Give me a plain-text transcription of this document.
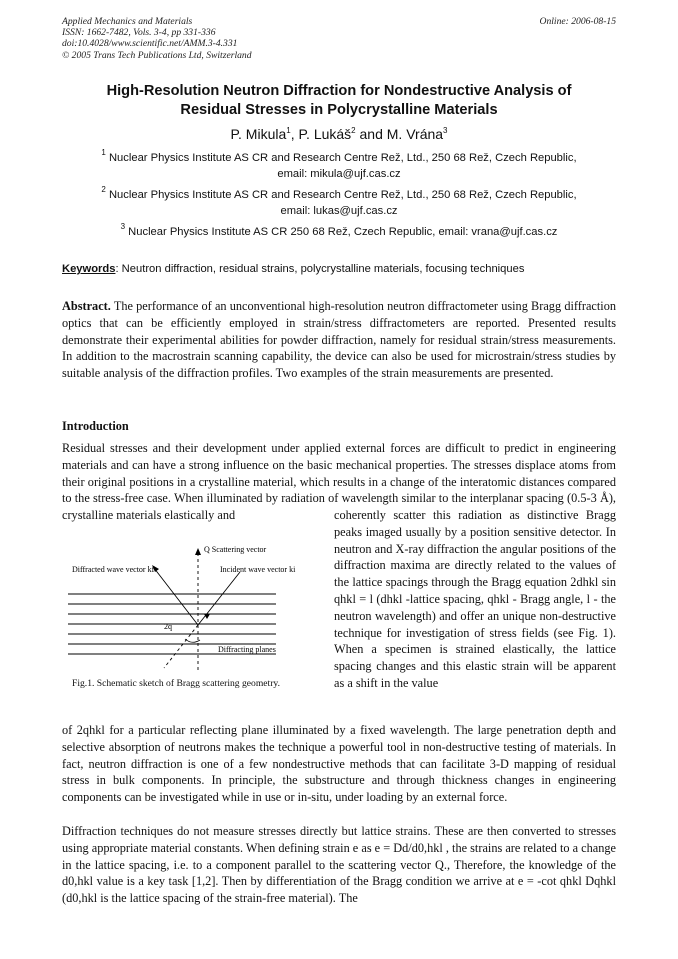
Applied Mechanics and Materials
ISSN: 1662-7482, Vols. 3-4, pp 331-336
doi:10.4028/www.scientific.net/AMM.3-4.331
© 2005 Trans Tech Publications Ltd, Switzerland
Online: 2006-08-15
High-Resolution Neutron Diffraction for Nondestructive Analysis of
Residual Stresses in Polycrystalline Materials
P. Mikula$^1$, P. Lukáš$^2$ and M. Vrána$^3$
$^1$ Nuclear Physics Institute AS CR and Research Centre Rež, Ltd., 250 68 Rež, Czech Republic,
email: mikula@ujf.cas.cz
$^2$ Nuclear Physics Institute AS CR and Research Centre Rež, Ltd., 250 68 Rež, Czech Republic,
email: lukas@ujf.cas.cz
$^3$ Nuclear Physics Institute AS CR 250 68 Rež, Czech Republic, email: vrana@ujf.cas.cz
Keywords: Neutron diffraction, residual strains, polycrystalline materials, focusing techniques
Abstract. The performance of an unconventional high-resolution neutron diffractometer using Bragg diffraction optics that can be efficiently employed in strain/stress diffractometers are reported. Presented results demonstrate their experimental abilities for powder diffraction, namely for residual strain/stress measurements. In addition to the macrostrain scanning capability, the device can also be used for microstrain/stress studies by suitable analysis of the diffraction profiles. Two examples of the strain measurements are presented.
Introduction
Residual stresses and their development under applied external forces are difficult to predict in engineering materials and can have a strong influence on the basic mechanical properties. The stresses displace atoms from their original positions in a crystalline material, which results in a change of the interatomic distances compared to the stress-free case. When illuminated by radiation of wavelength similar to the interplanar spacing (0.5-3 Å), crystalline materials elastically and	coherently scatter this radiation as distinctive Bragg peaks imaged usually by a position sensitive detector. In neutron and X-ray diffraction the angular positions of the diffraction maxima are directly related to the values of the lattice spacings through the Bragg equation 2dhkl sin qhkl = l (dhkl -lattice spacing, qhkl - Bragg angle, l - the neutron wavelength) and offer an unique non-destructive technique for investigation of stress fields (see Fig. 1). When a specimen is strained elastically, the lattice spacing changes and this elastic strain will be apparent as a shift in the value
Q Scattering vector
Diffracted wave vector kf	Incident wave vector ki
2q
Diffracting planes
Fig.1. Schematic sketch of Bragg scattering geometry.
of 2qhkl for a particular reflecting plane illuminated by a fixed wavelength. The large penetration depth and selective absorption of neutrons makes the technique a powerful tool in non-destructive testing of materials. In fact, neutron diffraction is one of a few nondestructive methods that can facilitate 3-D mapping of residual stress in bulk components. In principle, the substructure and through thickness changes in engineering components can be investigated while in use or in-situ, under loading by an external force.
Diffraction techniques do not measure stresses directly but lattice strains. These are then converted to stresses using appropriate material constants. When defining strain e as e = Dd/d0,hkl , the strains are related to a change in the lattice spacing, i.e. to a component parallel to the scattering vector Q., Therefore, the knowledge of the d0,hkl value is a key task [1,2]. Then by differentiation of the Bragg condition we arrive at e = -cot qhkl Dqhkl (d0,hkl is the lattice spacing of the strain-free material). The
